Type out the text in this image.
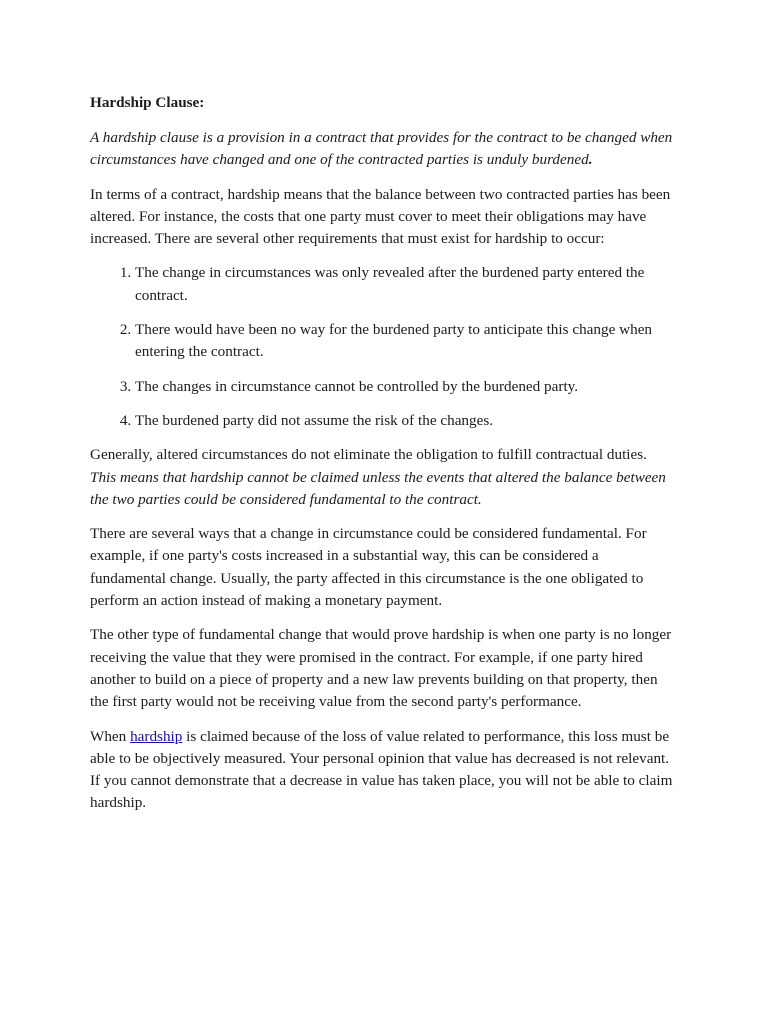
Hardship Clause:

A hardship clause is a provision in a contract that provides for the contract to be changed when circumstances have changed and one of the contracted parties is unduly burdened.

In terms of a contract, hardship means that the balance between two contracted parties has been altered. For instance, the costs that one party must cover to meet their obligations may have increased. There are several other requirements that must exist for hardship to occur:

1. The change in circumstances was only revealed after the burdened party entered the contract.
2. There would have been no way for the burdened party to anticipate this change when entering the contract.
3. The changes in circumstance cannot be controlled by the burdened party.
4. The burdened party did not assume the risk of the changes.

Generally, altered circumstances do not eliminate the obligation to fulfill contractual duties. This means that hardship cannot be claimed unless the events that altered the balance between the two parties could be considered fundamental to the contract.

There are several ways that a change in circumstance could be considered fundamental. For example, if one party's costs increased in a substantial way, this can be considered a fundamental change. Usually, the party affected in this circumstance is the one obligated to perform an action instead of making a monetary payment.

The other type of fundamental change that would prove hardship is when one party is no longer receiving the value that they were promised in the contract. For example, if one party hired another to build on a piece of property and a new law prevents building on that property, then the first party would not be receiving value from the second party's performance.

When hardship is claimed because of the loss of value related to performance, this loss must be able to be objectively measured. Your personal opinion that value has decreased is not relevant. If you cannot demonstrate that a decrease in value has taken place, you will not be able to claim hardship.
